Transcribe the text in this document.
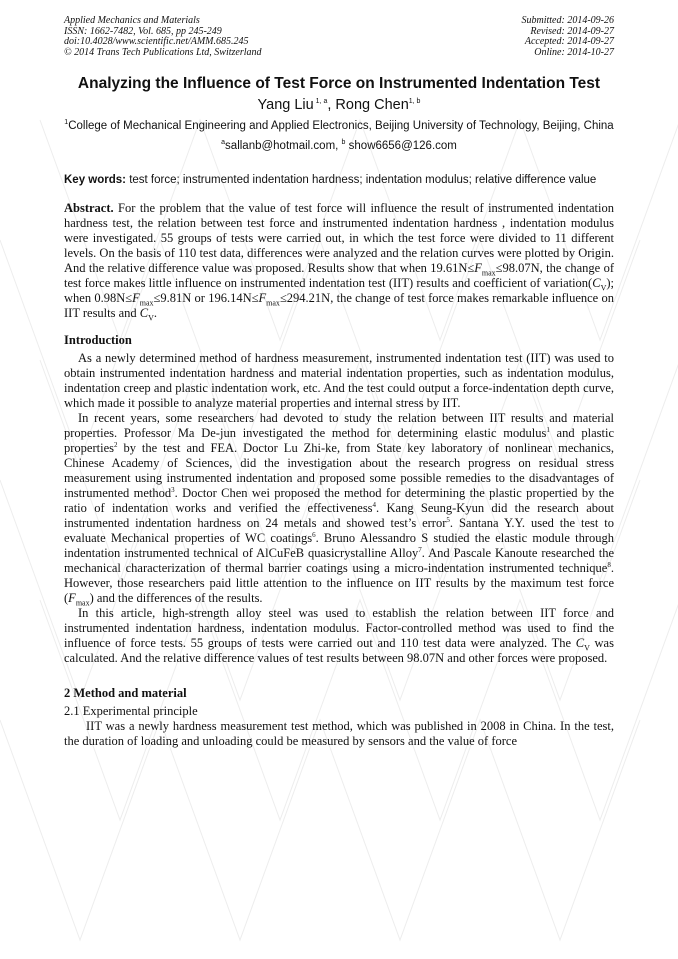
Applied Mechanics and Materials
ISSN: 1662-7482, Vol. 685, pp 245-249
doi:10.4028/www.scientific.net/AMM.685.245
© 2014 Trans Tech Publications Ltd, Switzerland
Submitted: 2014-09-26
Revised: 2014-09-27
Accepted: 2014-09-27
Online: 2014-10-27
Analyzing the Influence of Test Force on Instrumented Indentation Test
Yang Liu $^{1, a}$, Rong Chen$^{1, b}$
$^1$College of Mechanical Engineering and Applied Electronics, Beijing University of Technology, Beijing, China
$^a$sallanb@hotmail.com, $^b$ show6656@126.com
Key words: test force; instrumented indentation hardness; indentation modulus; relative difference value
Abstract. For the problem that the value of test force will influence the result of instrumented indentation hardness test, the relation between test force and instrumented indentation hardness , indentation modulus were investigated. 55 groups of tests were carried out, in which the test force were divided to 11 different levels. On the basis of 110 test data, differences were analyzed and the relation curves were plotted by Origin. And the relative difference value was proposed. Results show that when $19.61N\le F_{max}\le 98.07N$, the change of test force makes little influence on instrumented indentation test (IIT) results and coefficient of $variation(C_V)$; when $0.98N\le F_{max}\le 9.81N$ or $196.14N\le F_{max}\le 294.21N$, the change of test force makes remarkable influence on IIT results and $C_V$.
Introduction

As a newly determined method of hardness measurement, instrumented indentation test (IIT) was used to obtain instrumented indentation hardness and material indentation properties, such as indentation modulus, indentation creep and plastic indentation work, etc. And the test could output a force-indentation depth curve, which made it possible to analyze material properties and internal stress by IIT.

In recent years, some researchers had devoted to study the relation between IIT results and material properties. Professor Ma De-jun investigated the method for determining elastic modulus$^1$ and plastic properties$^2$ by the test and FEA. Doctor Lu Zhi-ke, from State key laboratory of nonlinear mechanics, Chinese Academy of Sciences, did the investigation about the research progress on residual stress measurement using instrumented indentation and proposed some possible remedies to the disadvantages of instrumented method$^3$. Doctor Chen wei proposed the method for determining the plastic propertied by the ratio of indentation works and verified the effectiveness$^4$. Kang Seung-Kyun did the research about instrumented indentation hardness on 24 metals and showed test’s error$^5$. Santana Y.Y. used the test to evaluate Mechanical properties of WC coatings$^6$. Bruno Alessandro S studied the elastic module through indentation instrumented technical of AlCuFeB quasicrystalline Alloy$^7$. And Pascale Kanoute researched the mechanical characterization of thermal barrier coatings using a micro-indentation instrumented technique$^8$. However, those researchers paid little attention to the influence on IIT results by the maximum test force $(F_{max})$ and the differences of the results.

In this article, high-strength alloy steel was used to establish the relation between IIT force and instrumented indentation hardness, indentation modulus. Factor-controlled method was used to find the influence of force tests. 55 groups of tests were carried out and 110 test data were analyzed. The $C_V$ was calculated. And the relative difference values of test results between 98.07N and other forces were proposed.

2 Method and material
2.1 Experimental principle

IIT was a newly hardness measurement test method, which was published in 2008 in China. In the test, the duration of loading and unloading could be measured by sensors and the value of force
